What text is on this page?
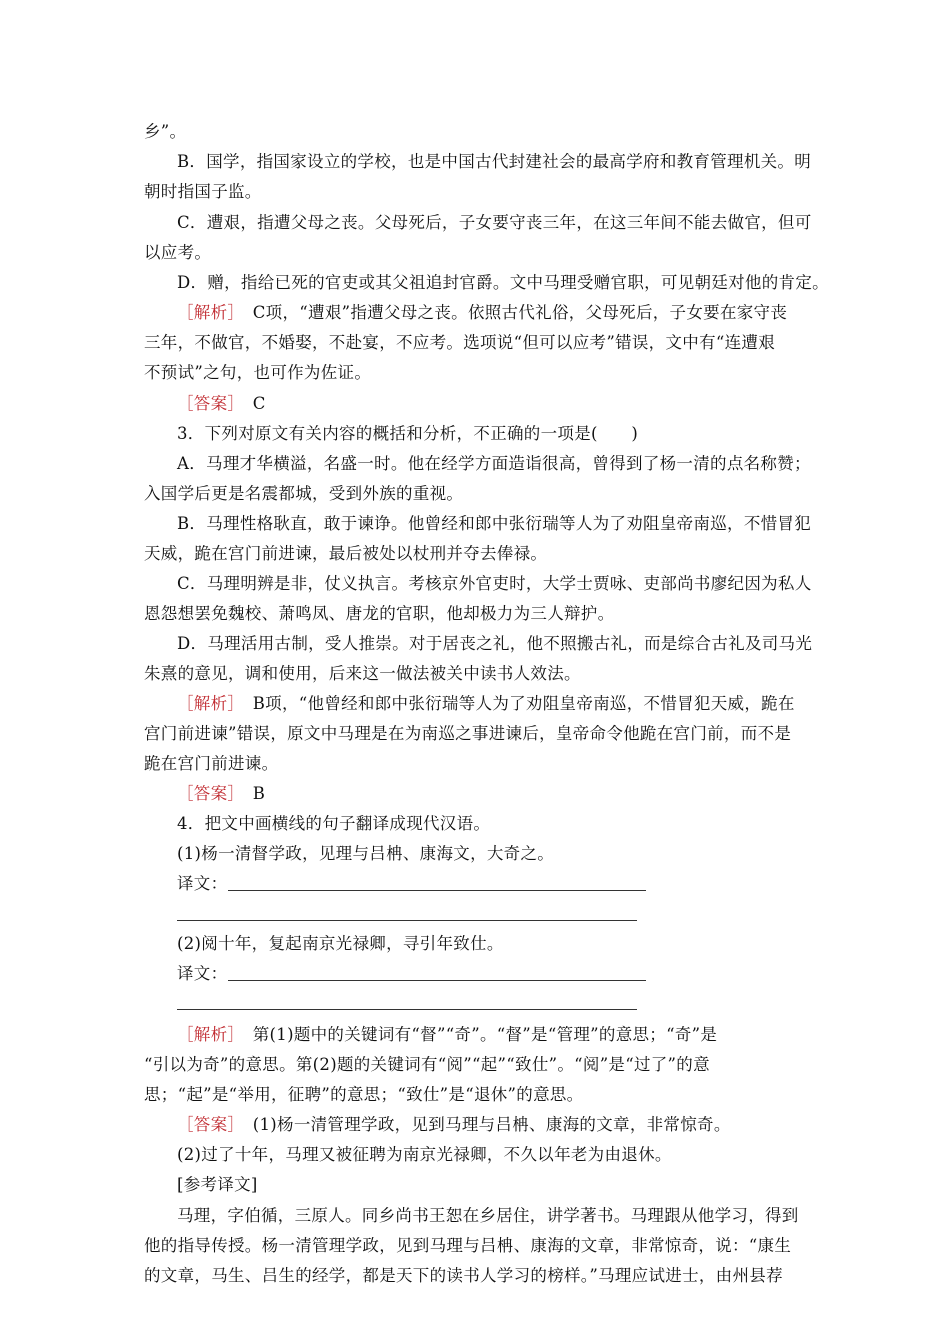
乡”。
B．国学，指国家设立的学校，也是中国古代封建社会的最高学府和教育管理机关。明
朝时指国子监。
C．遭艰，指遭父母之丧。父母死后，子女要守丧三年，在这三年间不能去做官，但可
以应考。
D．赠，指给已死的官吏或其父祖追封官爵。文中马理受赠官职，可见朝廷对他的肯定。
［解析］　C项，“遭艰”指遭父母之丧。依照古代礼俗，父母死后，子女要在家守丧
三年，不做官，不婚娶，不赴宴，不应考。选项说“但可以应考”错误，文中有“连遭艰
不预试”之句，也可作为佐证。
［答案］　C
3．下列对原文有关内容的概括和分析，不正确的一项是(　　)
A．马理才华横溢，名盛一时。他在经学方面造诣很高，曾得到了杨一清的点名称赞；
入国学后更是名震都城，受到外族的重视。
B．马理性格耿直，敢于谏诤。他曾经和郎中张衍瑞等人为了劝阻皇帝南巡，不惜冒犯
天威，跪在宫门前进谏，最后被处以杖刑并夺去俸禄。
C．马理明辨是非，仗义执言。考核京外官吏时，大学士贾咏、吏部尚书廖纪因为私人
恩怨想罢免魏校、萧鸣凤、唐龙的官职，他却极力为三人辩护。
D．马理活用古制，受人推崇。对于居丧之礼，他不照搬古礼，而是综合古礼及司马光
朱熹的意见，调和使用，后来这一做法被关中读书人效法。
［解析］　B项，“他曾经和郎中张衍瑞等人为了劝阻皇帝南巡，不惜冒犯天威，跪在
宫门前进谏”错误，原文中马理是在为南巡之事进谏后，皇帝命令他跪在宫门前，而不是
跪在宫门前进谏。
［答案］　B
4．把文中画横线的句子翻译成现代汉语。
(1)杨一清督学政，见理与吕柟、康海文，大奇之。
译文：
(2)阅十年，复起南京光禄卿，寻引年致仕。
译文：
［解析］　第(1)题中的关键词有“督”“奇”。“督”是“管理”的意思；“奇”是
“引以为奇”的意思。第(2)题的关键词有“阅”“起”“致仕”。“阅”是“过了”的意
思；“起”是“举用，征聘”的意思；“致仕”是“退休”的意思。
［答案］　(1)杨一清管理学政，见到马理与吕柟、康海的文章，非常惊奇。
(2)过了十年，马理又被征聘为南京光禄卿，不久以年老为由退休。
[参考译文]
马理，字伯循，三原人。同乡尚书王恕在乡居住，讲学著书。马理跟从他学习，得到
他的指导传授。杨一清管理学政，见到马理与吕柟、康海的文章，非常惊奇，说：“康生
的文章，马生、吕生的经学，都是天下的读书人学习的榜样。”马理应试进士，由州县荐
